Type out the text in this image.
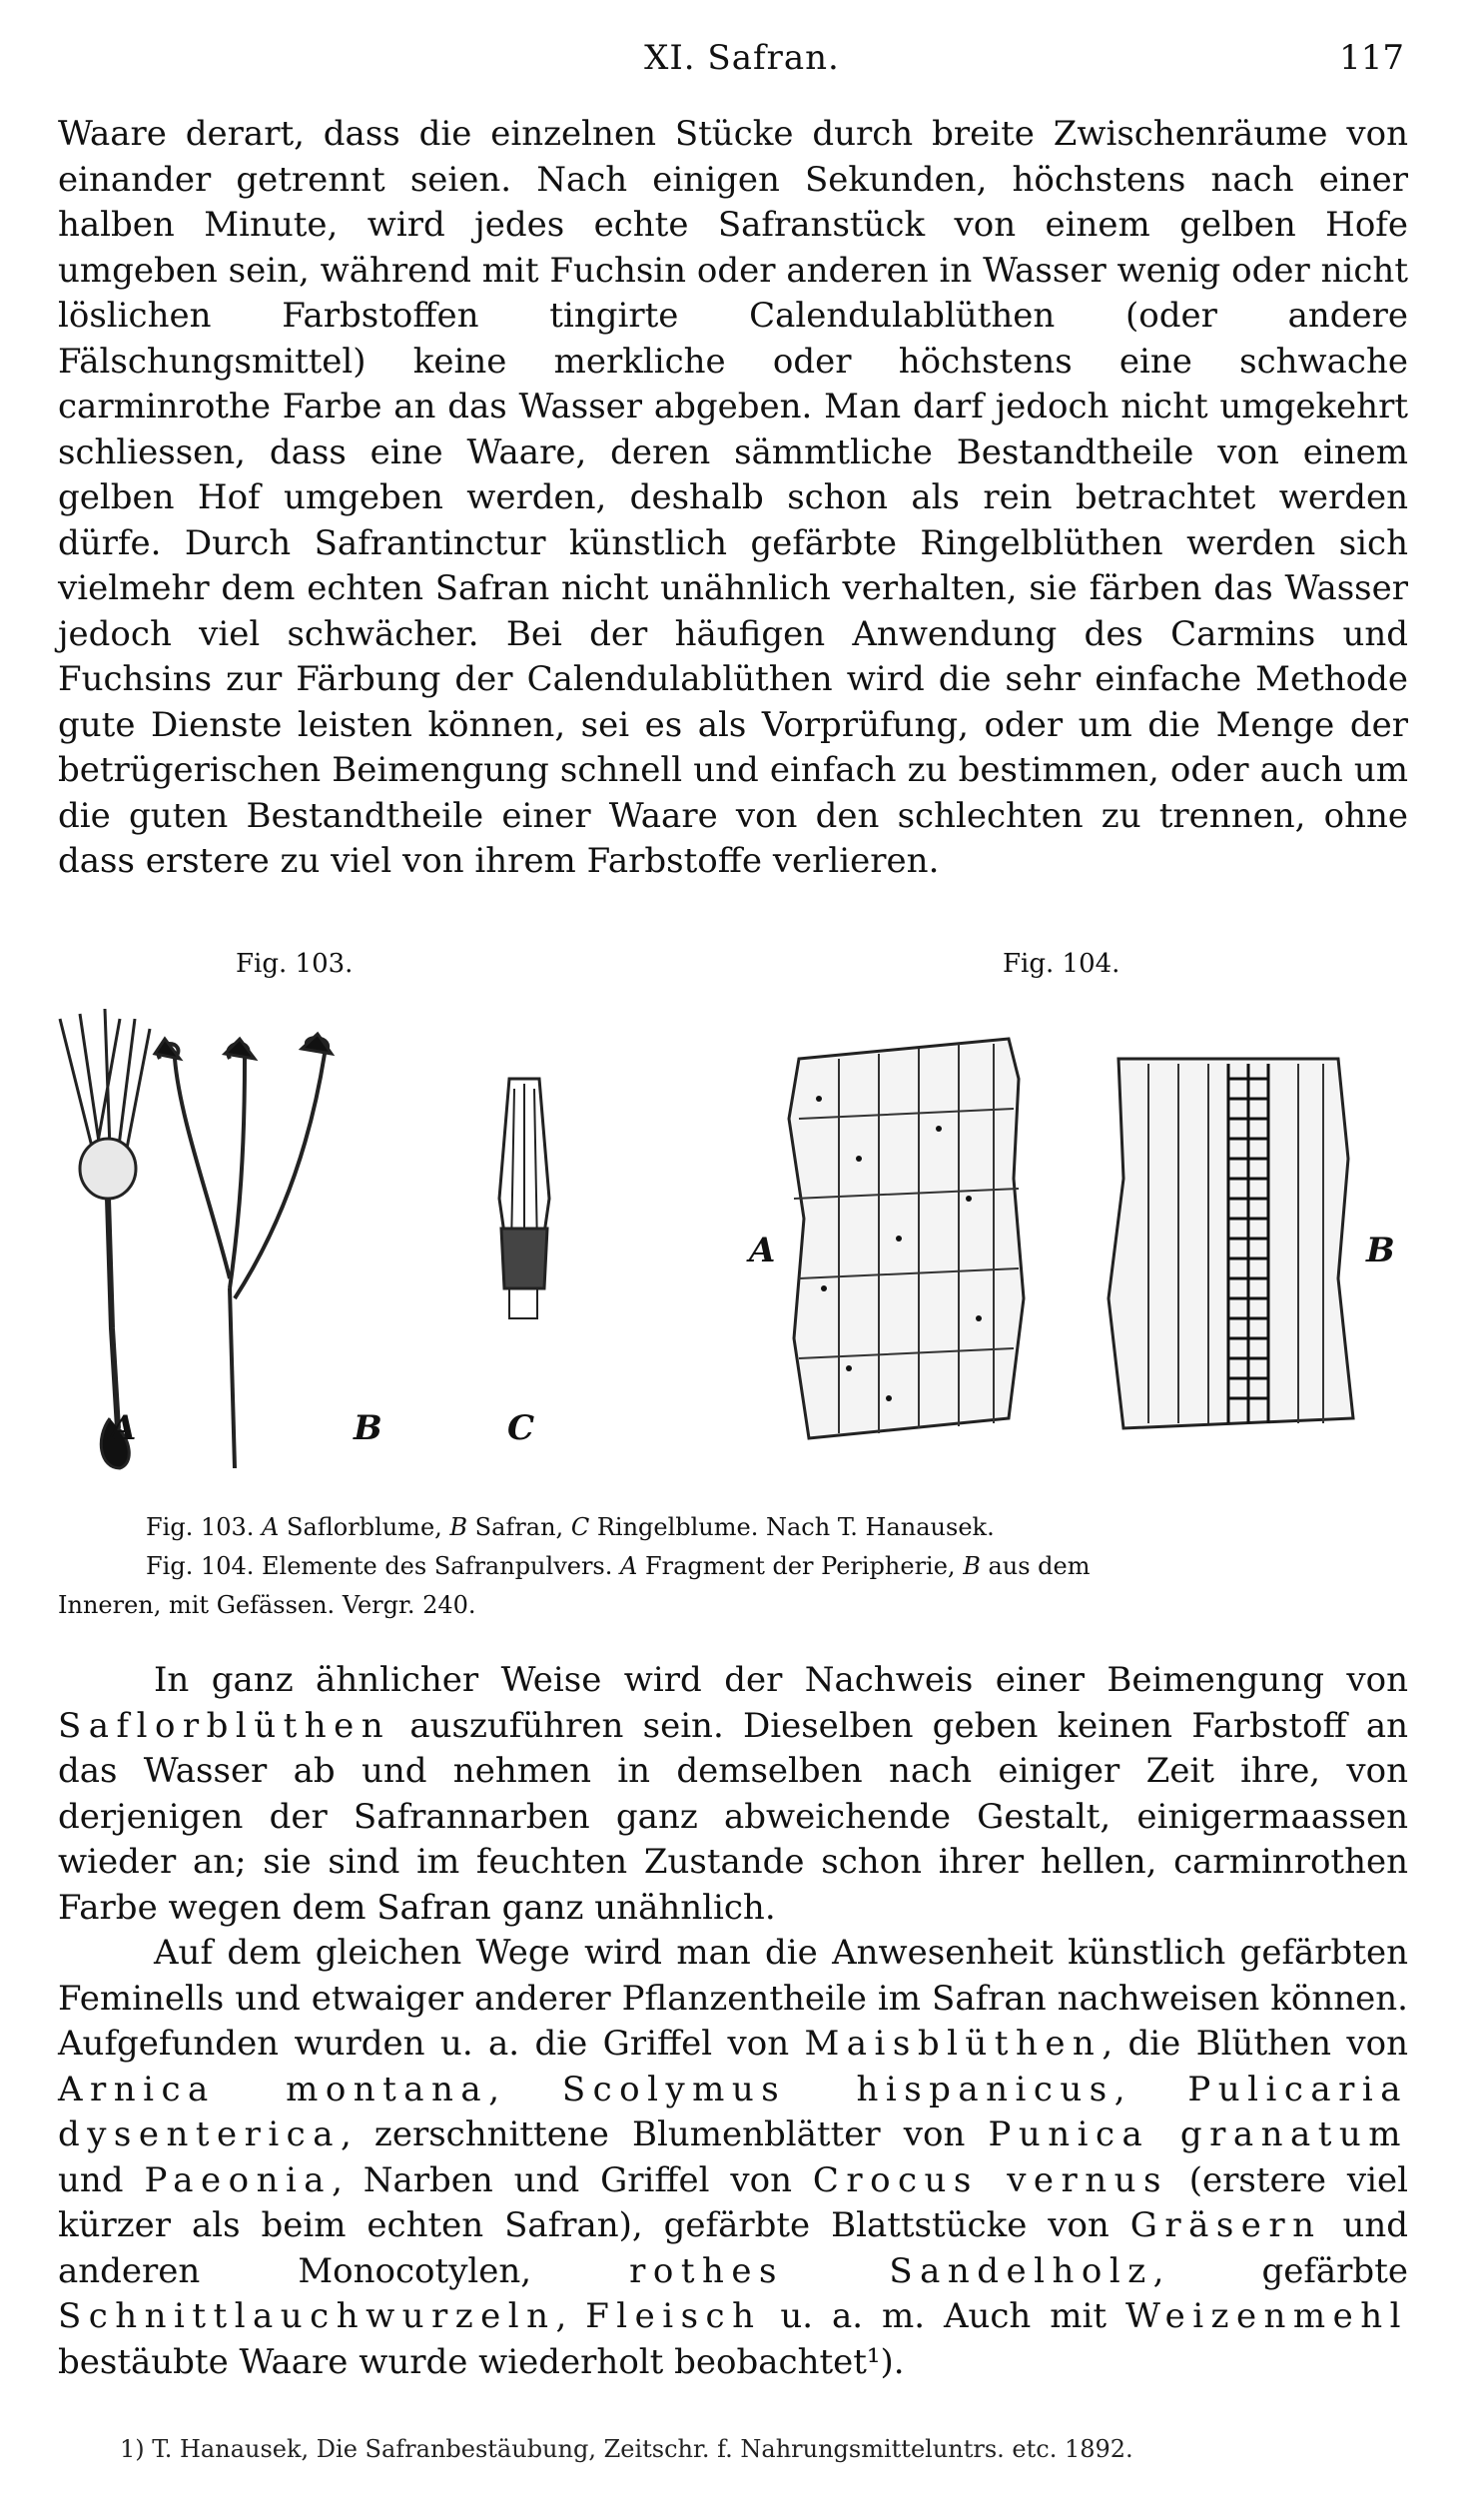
XI. Safran.	117

Waare derart, dass die einzelnen Stücke durch breite Zwischenräume von einander getrennt seien. Nach einigen Sekunden, höchstens nach einer halben Minute, wird jedes echte Safranstück von einem gelben Hofe umgeben sein, während mit Fuchsin oder anderen in Wasser wenig oder nicht löslichen Farbstoffen tingirte Calendulablüthen (oder andere Fälschungsmittel) keine merkliche oder höchstens eine schwache carminrothe Farbe an das Wasser abgeben. Man darf jedoch nicht umgekehrt schliessen, dass eine Waare, deren sämmtliche Bestandtheile von einem gelben Hof umgeben werden, deshalb schon als rein betrachtet werden dürfe. Durch Safrantinctur künstlich gefärbte Ringelblüthen werden sich vielmehr dem echten Safran nicht unähnlich verhalten, sie färben das Wasser jedoch viel schwächer. Bei der häufigen Anwendung des Carmins und Fuchsins zur Färbung der Calendulablüthen wird die sehr einfache Methode gute Dienste leisten können, sei es als Vorprüfung, oder um die Menge der betrügerischen Beimengung schnell und einfach zu bestimmen, oder auch um die guten Bestandtheile einer Waare von den schlechten zu trennen, ohne dass erstere zu viel von ihrem Farbstoffe verlieren.

Fig. 103.
A	B	C
Fig. 104.
A	B
Fig. 103. A Saflorblume, B Safran, C Ringelblume. Nach T. Hanausek.
Fig. 104. Elemente des Safranpulvers. A Fragment der Peripherie, B aus dem
Inneren, mit Gefässen. Vergr. 240.

In ganz ähnlicher Weise wird der Nachweis einer Beimengung von Saflorblüthen auszuführen sein. Dieselben geben keinen Farbstoff an das Wasser ab und nehmen in demselben nach einiger Zeit ihre, von derjenigen der Safrannarben ganz abweichende Gestalt, einigermaassen wieder an; sie sind im feuchten Zustande schon ihrer hellen, carminrothen Farbe wegen dem Safran ganz unähnlich.

Auf dem gleichen Wege wird man die Anwesenheit künstlich gefärbten Feminells und etwaiger anderer Pflanzentheile im Safran nachweisen können. Aufgefunden wurden u. a. die Griffel von Maisblüthen, die Blüthen von Arnica montana, Scolymus hispanicus, Pulicaria dysenterica, zerschnittene Blumenblätter von Punica granatum und Paeonia, Narben und Griffel von Crocus vernus (erstere viel kürzer als beim echten Safran), gefärbte Blattstücke von Gräsern und anderen Monocotylen, rothes Sandelholz, gefärbte Schnittlauchwurzeln, Fleisch u. a. m. Auch mit Weizenmehl bestäubte Waare wurde wiederholt beobachtet¹).

1) T. Hanausek, Die Safranbestäubung, Zeitschr. f. Nahrungsmitteluntrs. etc. 1892.
